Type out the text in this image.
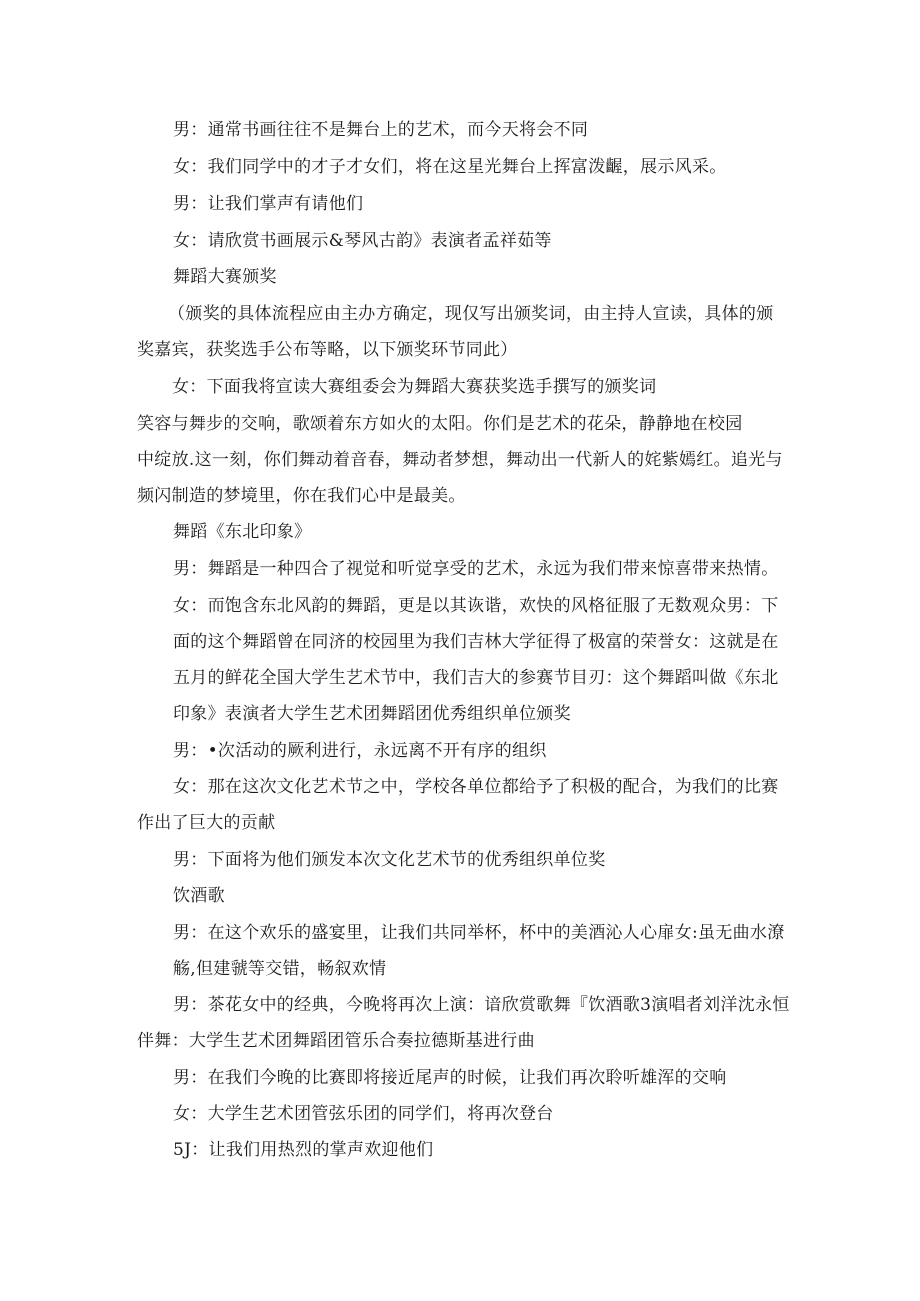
男：通常书画往往不是舞台上的艺术，而今天将会不同
女：我们同学中的才子才女们，将在这星光舞台上挥富泼齷，展示风采。
男：让我们掌声有请他们
女：请欣赏书画展示&琴风古韵》表演者孟祥茹等
舞蹈大赛颁奖
（颁奖的具体流程应由主办方确定，现仅写出颁奖词，由主持人宣读，具体的颁
奖嘉宾，获奖选手公布等略，以下颁奖环节同此）
女：下面我将宣读大赛组委会为舞蹈大赛获奖选手撰写的颁奖词
笑容与舞步的交响，歌颂着东方如火的太阳。你们是艺术的花朵，静静地在校园
中绽放.这一刻，你们舞动着音春，舞动者梦想，舞动出一代新人的姹紫嫣红。追光与
频闪制造的梦境里，你在我们心中是最美。
舞蹈《东北印象》
男：舞蹈是一种四合了视觉和听觉享受的艺术，永远为我们带来惊喜带来热情。
女：而饱含东北风韵的舞蹈，更是以其诙谐，欢快的风格征服了无数观众男：下
面的这个舞蹈曾在同济的校园里为我们吉林大学征得了极富的荣誉女：这就是在
五月的鲜花全国大学生艺术节中，我们吉大的参赛节目刃：这个舞蹈叫做《东北
印象》表演者大学生艺术团舞蹈团优秀组织单位颁奖
男：•次活动的厥利进行，永远离不开有序的组织
女：那在这次文化艺术节之中，学校各单位都给予了积极的配合，为我们的比赛
作出了巨大的贡献
男：下面将为他们颁发本次文化艺术节的优秀组织单位奖
饮酒歌
男：在这个欢乐的盛宴里，让我们共同举杯，杯中的美酒沁人心扉女:虽无曲水潦
觞,但建虢等交错，畅叙欢情
男：茶花女中的经典，今晚将再次上演：谙欣赏歌舞『饮酒歌3演唱者刘洋沈永恒
伴舞：大学生艺术团舞蹈团管乐合奏拉德斯基进行曲
男：在我们今晚的比赛即将接近尾声的时候，让我们再次聆听雄浑的交响
女：大学生艺术团管弦乐团的同学们，将再次登台
5J：让我们用热烈的掌声欢迎他们
